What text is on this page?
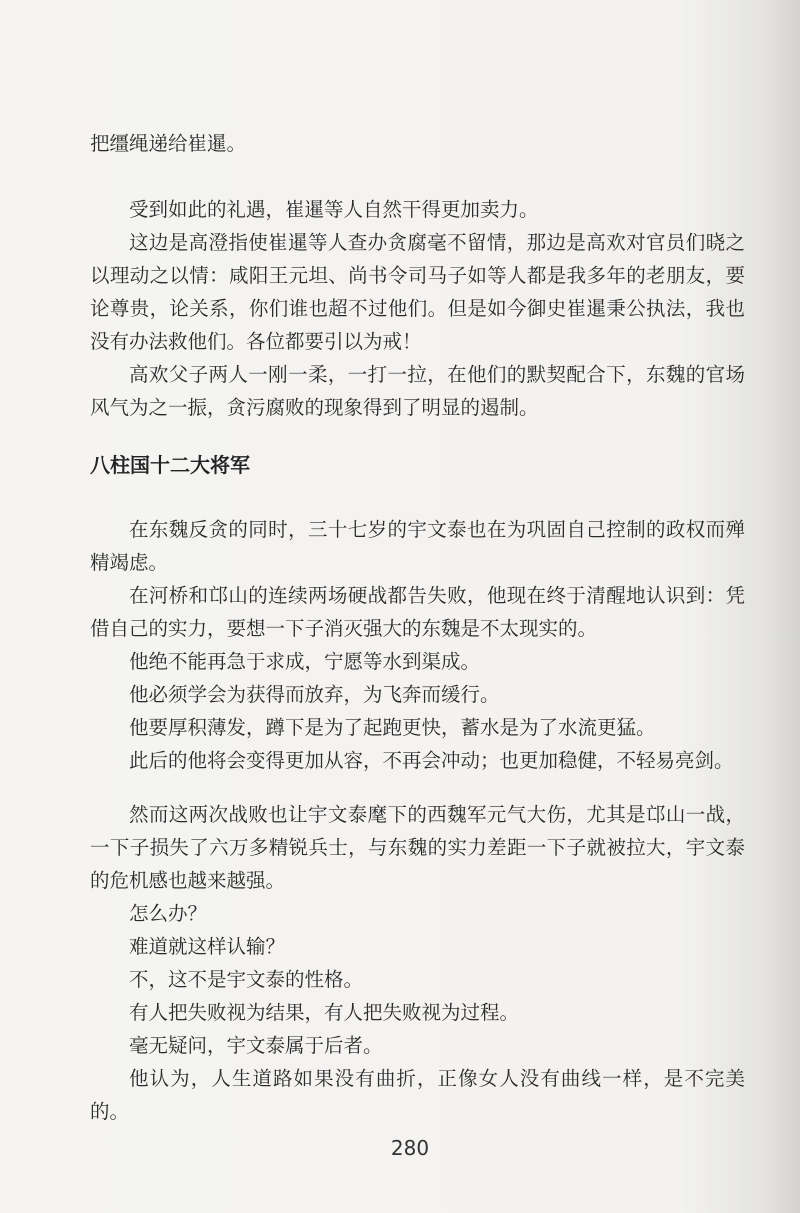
把缰绳递给崔暹。

受到如此的礼遇，崔暹等人自然干得更加卖力。

这边是高澄指使崔暹等人查办贪腐毫不留情，那边是高欢对官员们晓之以理动之以情：咸阳王元坦、尚书令司马子如等人都是我多年的老朋友，要论尊贵，论关系，你们谁也超不过他们。但是如今御史崔暹秉公执法，我也没有办法救他们。各位都要引以为戒！

高欢父子两人一刚一柔，一打一拉，在他们的默契配合下，东魏的官场风气为之一振，贪污腐败的现象得到了明显的遏制。

八柱国十二大将军

在东魏反贪的同时，三十七岁的宇文泰也在为巩固自己控制的政权而殚精竭虑。

在河桥和邙山的连续两场硬战都告失败，他现在终于清醒地认识到：凭借自己的实力，要想一下子消灭强大的东魏是不太现实的。

他绝不能再急于求成，宁愿等水到渠成。

他必须学会为获得而放弃，为飞奔而缓行。

他要厚积薄发，蹲下是为了起跑更快，蓄水是为了水流更猛。

此后的他将会变得更加从容，不再会冲动；也更加稳健，不轻易亮剑。

然而这两次战败也让宇文泰麾下的西魏军元气大伤，尤其是邙山一战，一下子损失了六万多精锐兵士，与东魏的实力差距一下子就被拉大，宇文泰的危机感也越来越强。

怎么办？

难道就这样认输？

不，这不是宇文泰的性格。

有人把失败视为结果，有人把失败视为过程。

毫无疑问，宇文泰属于后者。

他认为，人生道路如果没有曲折，正像女人没有曲线一样，是不完美的。

280
